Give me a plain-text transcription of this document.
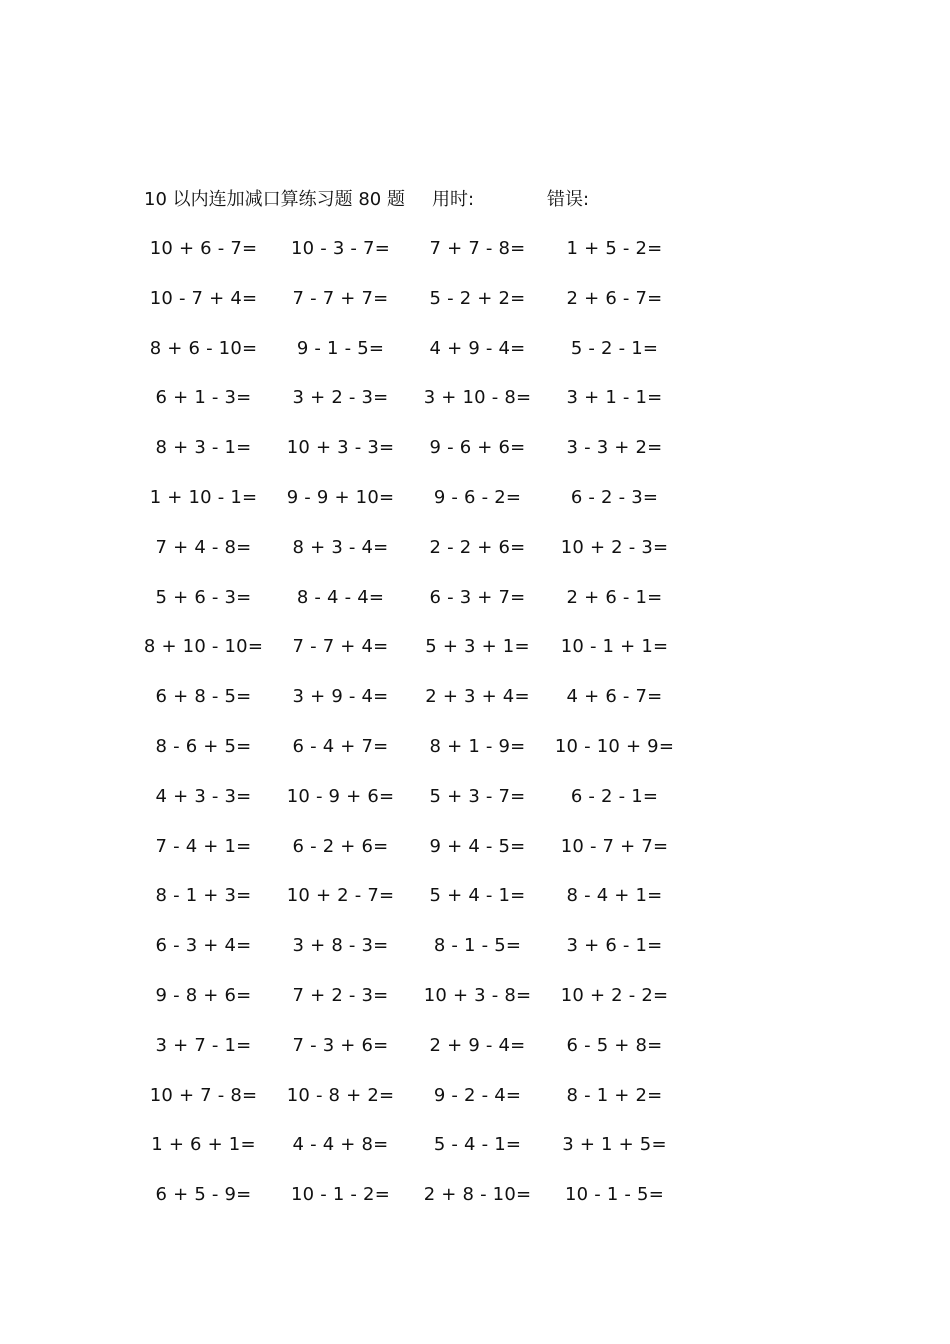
10 以内连加减口算练习题 80 题 用时:	错误:
10 + 6 - 7=	10 - 3 - 7=	7 + 7 - 8=	1 + 5 - 2=
10 - 7 + 4=	7 - 7 + 7=	5 - 2 + 2=	2 + 6 - 7=
8 + 6 - 10=	9 - 1 - 5=	4 + 9 - 4=	5 - 2 - 1=
6 + 1 - 3=	3 + 2 - 3=	3 + 10 - 8=	3 + 1 - 1=
8 + 3 - 1=	10 + 3 - 3=	9 - 6 + 6=	3 - 3 + 2=
1 + 10 - 1=	9 - 9 + 10=	9 - 6 - 2=	6 - 2 - 3=
7 + 4 - 8=	8 + 3 - 4=	2 - 2 + 6=	10 + 2 - 3=
5 + 6 - 3=	8 - 4 - 4=	6 - 3 + 7=	2 + 6 - 1=
8 + 10 - 10=	7 - 7 + 4=	5 + 3 + 1=	10 - 1 + 1=
6 + 8 - 5=	3 + 9 - 4=	2 + 3 + 4=	4 + 6 - 7=
8 - 6 + 5=	6 - 4 + 7=	8 + 1 - 9=	10 - 10 + 9=
4 + 3 - 3=	10 - 9 + 6=	5 + 3 - 7=	6 - 2 - 1=
7 - 4 + 1=	6 - 2 + 6=	9 + 4 - 5=	10 - 7 + 7=
8 - 1 + 3=	10 + 2 - 7=	5 + 4 - 1=	8 - 4 + 1=
6 - 3 + 4=	3 + 8 - 3=	8 - 1 - 5=	3 + 6 - 1=
9 - 8 + 6=	7 + 2 - 3=	10 + 3 - 8=	10 + 2 - 2=
3 + 7 - 1=	7 - 3 + 6=	2 + 9 - 4=	6 - 5 + 8=
10 + 7 - 8=	10 - 8 + 2=	9 - 2 - 4=	8 - 1 + 2=
1 + 6 + 1=	4 - 4 + 8=	5 - 4 - 1=	3 + 1 + 5=
6 + 5 - 9=	10 - 1 - 2=	2 + 8 - 10=	10 - 1 - 5=
